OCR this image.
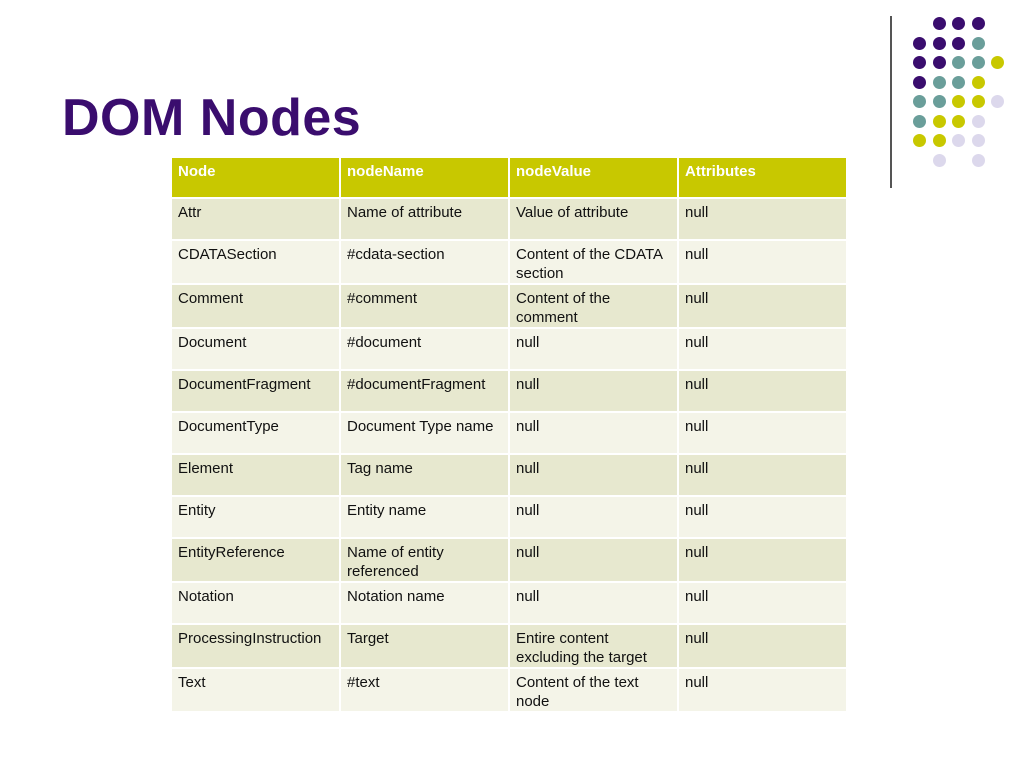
DOM Nodes
Node	nodeName	nodeValue	Attributes
Attr	Name of attribute	Value of attribute	null
CDATASection	#cdata-section	Content of the CDATA section	null
Comment	#comment	Content of the comment	null
Document	#document	null	null
DocumentFragment	#documentFragment	null	null
DocumentType	Document Type name	null	null
Element	Tag name	null	null
Entity	Entity name	null	null
EntityReference	Name of entity referenced	null	null
Notation	Notation name	null	null
ProcessingInstruction	Target	Entire content excluding the target	null
Text	#text	Content of the text node	null
